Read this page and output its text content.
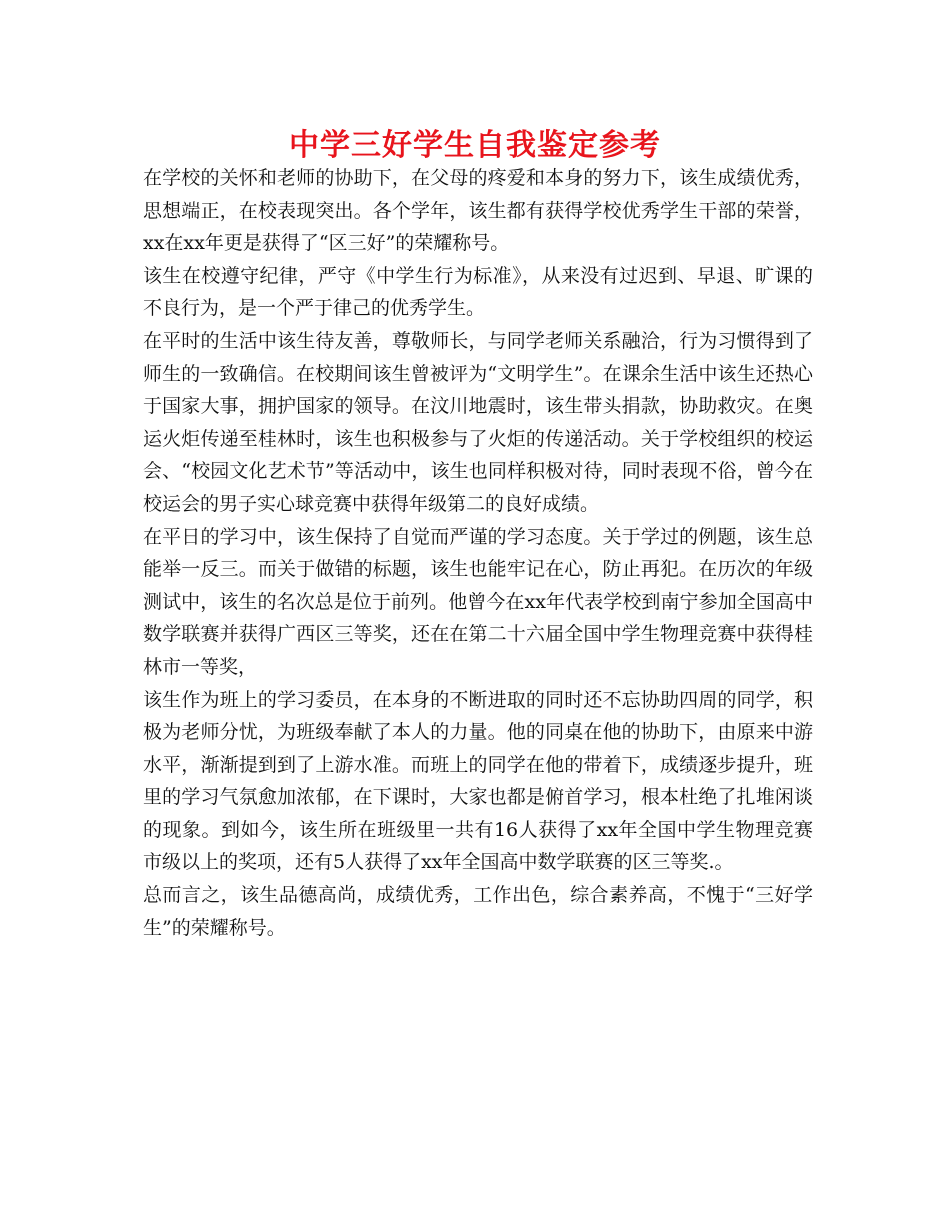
中学三好学生自我鉴定参考

在学校的关怀和老师的协助下，在父母的疼爱和本身的努力下，该生成绩优秀，思想端正，在校表现突出。各个学年，该生都有获得学校优秀学生干部的荣誉，xx在xx年更是获得了“区三好”的荣耀称号。

该生在校遵守纪律，严守《中学生行为标准》，从来没有过迟到、早退、旷课的不良行为，是一个严于律己的优秀学生。

在平时的生活中该生待友善，尊敬师长，与同学老师关系融洽，行为习惯得到了师生的一致确信。在校期间该生曾被评为“文明学生”。在课余生活中该生还热心于国家大事，拥护国家的领导。在汶川地震时，该生带头捐款，协助救灾。在奥运火炬传递至桂林时，该生也积极参与了火炬的传递活动。关于学校组织的校运会、“校园文化艺术节”等活动中，该生也同样积极对待，同时表现不俗，曾今在校运会的男子实心球竞赛中获得年级第二的良好成绩。

在平日的学习中，该生保持了自觉而严谨的学习态度。关于学过的例题，该生总能举一反三。而关于做错的标题，该生也能牢记在心，防止再犯。在历次的年级测试中，该生的名次总是位于前列。他曾今在xx年代表学校到南宁参加全国高中数学联赛并获得广西区三等奖，还在在第二十六届全国中学生物理竞赛中获得桂林市一等奖，

该生作为班上的学习委员，在本身的不断进取的同时还不忘协助四周的同学，积极为老师分忧，为班级奉献了本人的力量。他的同桌在他的协助下，由原来中游水平，渐渐提到到了上游水准。而班上的同学在他的带着下，成绩逐步提升，班里的学习气氛愈加浓郁，在下课时，大家也都是俯首学习，根本杜绝了扎堆闲谈的现象。到如今，该生所在班级里一共有16人获得了xx年全国中学生物理竞赛市级以上的奖项，还有5人获得了xx年全国高中数学联赛的区三等奖.。

总而言之，该生品德高尚，成绩优秀，工作出色，综合素养高，不愧于“三好学生”的荣耀称号。
